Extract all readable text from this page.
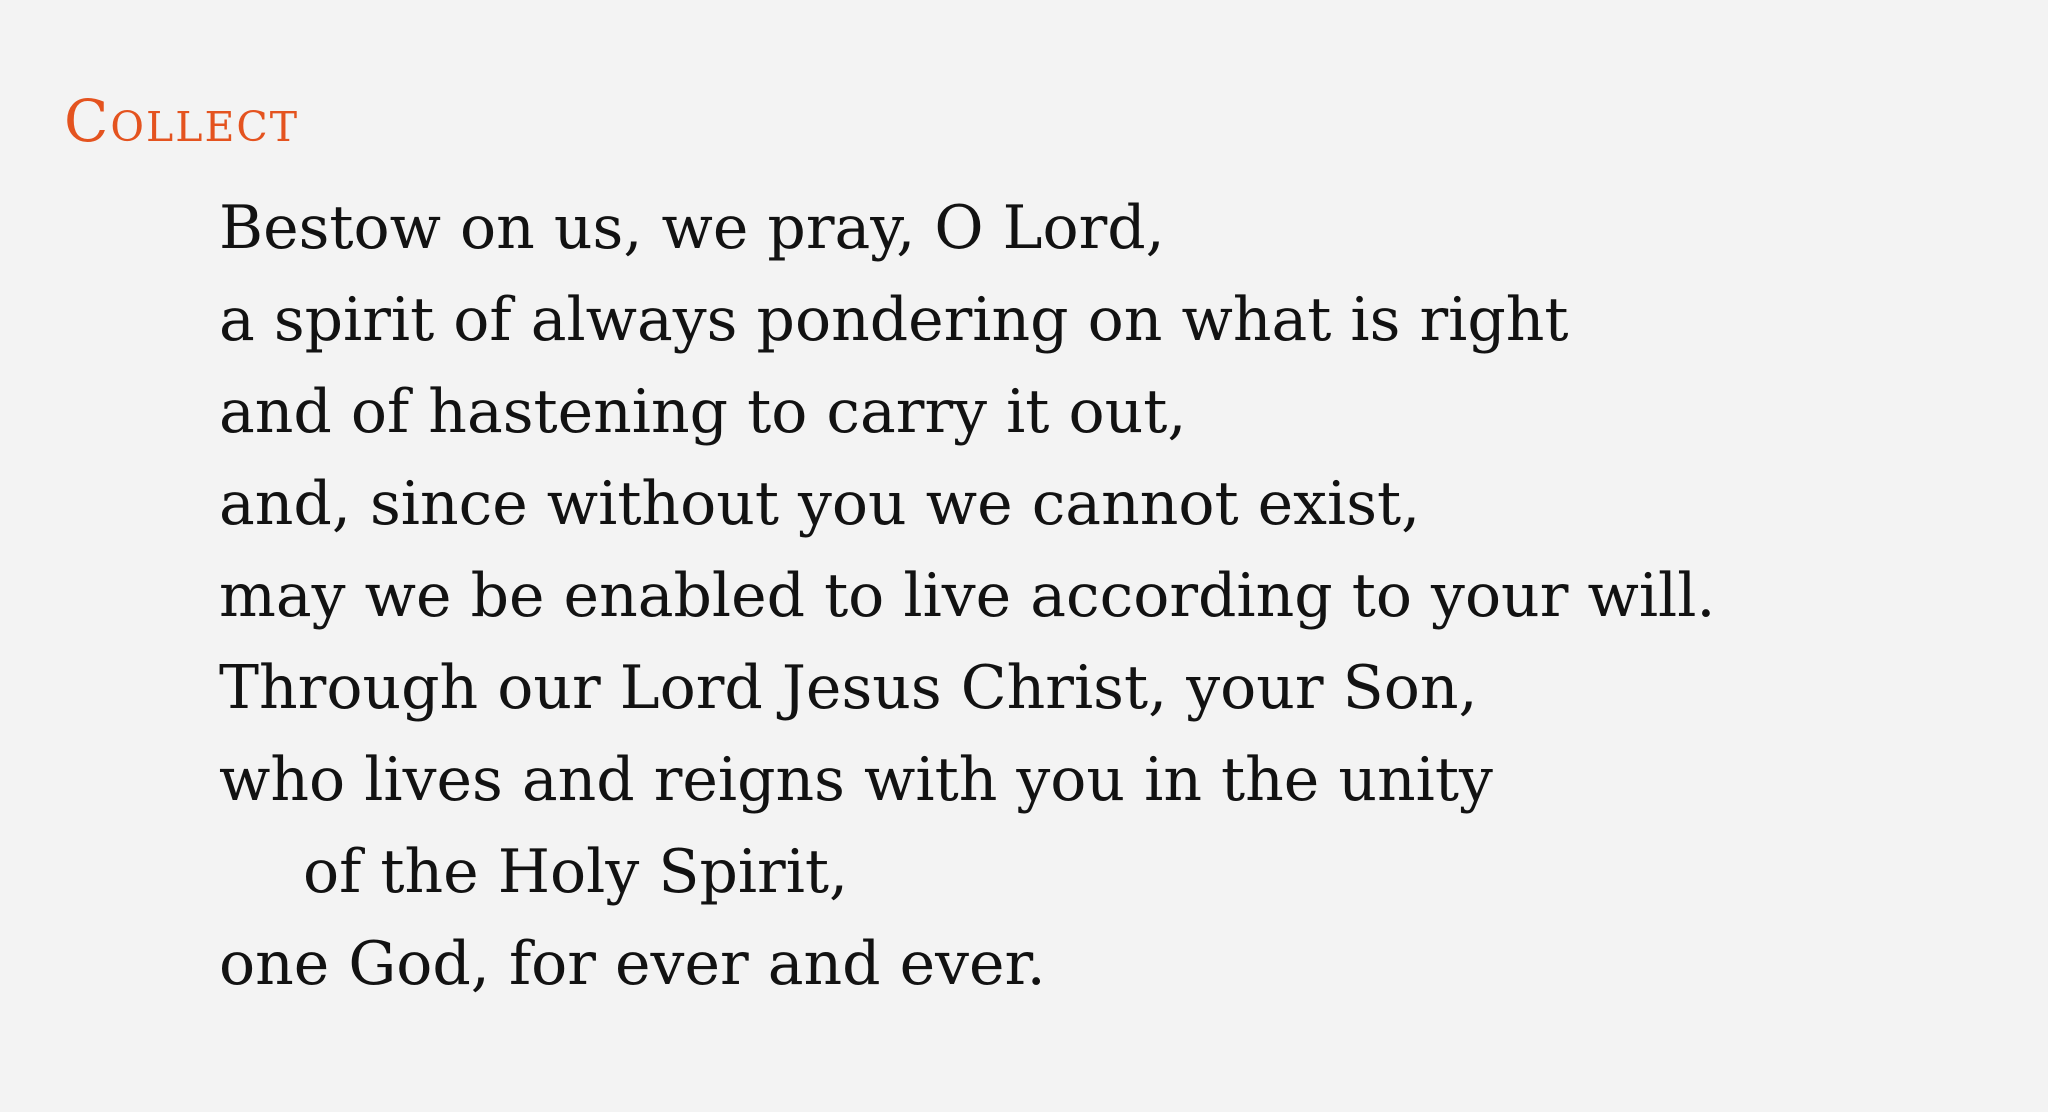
Collect
Bestow on us, we pray, O Lord,
a spirit of always pondering on what is right
and of hastening to carry it out,
and, since without you we cannot exist,
may we be enabled to live according to your will.
Through our Lord Jesus Christ, your Son,
who lives and reigns with you in the unity
of the Holy Spirit,
one God, for ever and ever.
